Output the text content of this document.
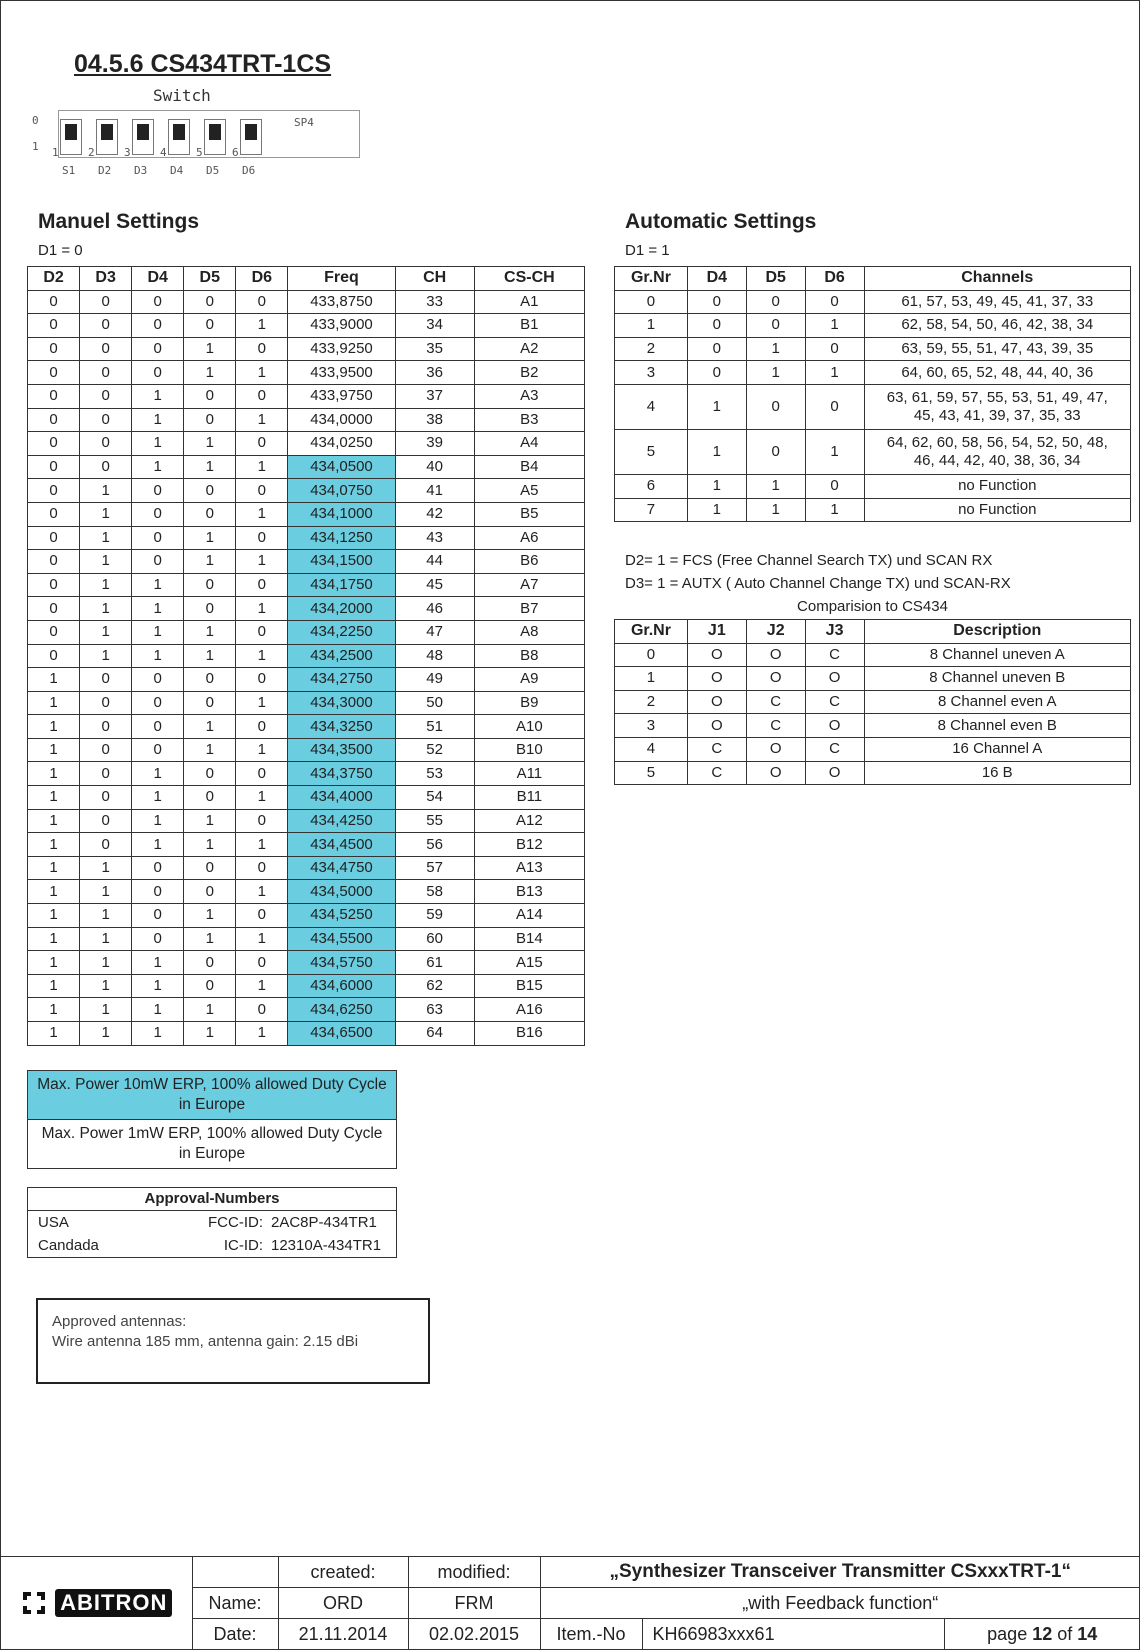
04.5.6 CS434TRT-1CS
Switch
0
1
SP4
1
S1
2
D2
3
D3
4
D4
5
D5
6
D6
Manuel Settings
D1 = 0
D2	D3	D4	D5	D6	Freq	CH	CS-CH
0	0	0	0	0	433,8750	33	A1
0	0	0	0	1	433,9000	34	B1
0	0	0	1	0	433,9250	35	A2
0	0	0	1	1	433,9500	36	B2
0	0	1	0	0	433,9750	37	A3
0	0	1	0	1	434,0000	38	B3
0	0	1	1	0	434,0250	39	A4
0	0	1	1	1	434,0500	40	B4
0	1	0	0	0	434,0750	41	A5
0	1	0	0	1	434,1000	42	B5
0	1	0	1	0	434,1250	43	A6
0	1	0	1	1	434,1500	44	B6
0	1	1	0	0	434,1750	45	A7
0	1	1	0	1	434,2000	46	B7
0	1	1	1	0	434,2250	47	A8
0	1	1	1	1	434,2500	48	B8
1	0	0	0	0	434,2750	49	A9
1	0	0	0	1	434,3000	50	B9
1	0	0	1	0	434,3250	51	A10
1	0	0	1	1	434,3500	52	B10
1	0	1	0	0	434,3750	53	A11
1	0	1	0	1	434,4000	54	B11
1	0	1	1	0	434,4250	55	A12
1	0	1	1	1	434,4500	56	B12
1	1	0	0	0	434,4750	57	A13
1	1	0	0	1	434,5000	58	B13
1	1	0	1	0	434,5250	59	A14
1	1	0	1	1	434,5500	60	B14
1	1	1	0	0	434,5750	61	A15
1	1	1	0	1	434,6000	62	B15
1	1	1	1	0	434,6250	63	A16
1	1	1	1	1	434,6500	64	B16
Max. Power 10mW ERP, 100% allowed Duty Cycle in Europe
Max. Power 1mW ERP, 100% allowed Duty Cycle in Europe
Approval-Numbers
USA	FCC-ID: 2AC8P-434TR1
Candada	IC-ID: 12310A-434TR1
Approved antennas:
Wire antenna 185 mm, antenna gain: 2.15 dBi
Automatic Settings
D1 = 1
Gr.Nr	D4	D5	D6	Channels
0	0	0	0	61, 57, 53, 49, 45, 41, 37, 33
1	0	0	1	62, 58, 54, 50, 46, 42, 38, 34
2	0	1	0	63, 59, 55, 51, 47, 43, 39, 35
3	0	1	1	64, 60, 65, 52, 48, 44, 40, 36
4	1	0	0	63, 61, 59, 57, 55, 53, 51, 49, 47, 45, 43, 41, 39, 37, 35, 33
5	1	0	1	64, 62, 60, 58, 56, 54, 52, 50, 48, 46, 44, 42, 40, 38, 36, 34
6	1	1	0	no Function
7	1	1	1	no Function
D2= 1 = FCS (Free Channel Search TX) und SCAN RX
D3= 1 = AUTX ( Auto Channel Change TX) und SCAN-RX
Comparision to CS434
Gr.Nr	J1	J2	J3	Description
0	O	O	C	8 Channel uneven A
1	O	O	O	8 Channel uneven B
2	O	C	C	8 Channel even A
3	O	C	O	8 Channel even B
4	C	O	C	16 Channel A
5	C	O	O	16 B
ABITRON		created:	modified:	„Synthesizer Transceiver Transmitter CSxxxTRT-1“		
	Name:	ORD	FRM	„with Feedback function“		
	Date:	21.11.2014	02.02.2015	Item.-No	KH66983xxx61	page 12 of 14
